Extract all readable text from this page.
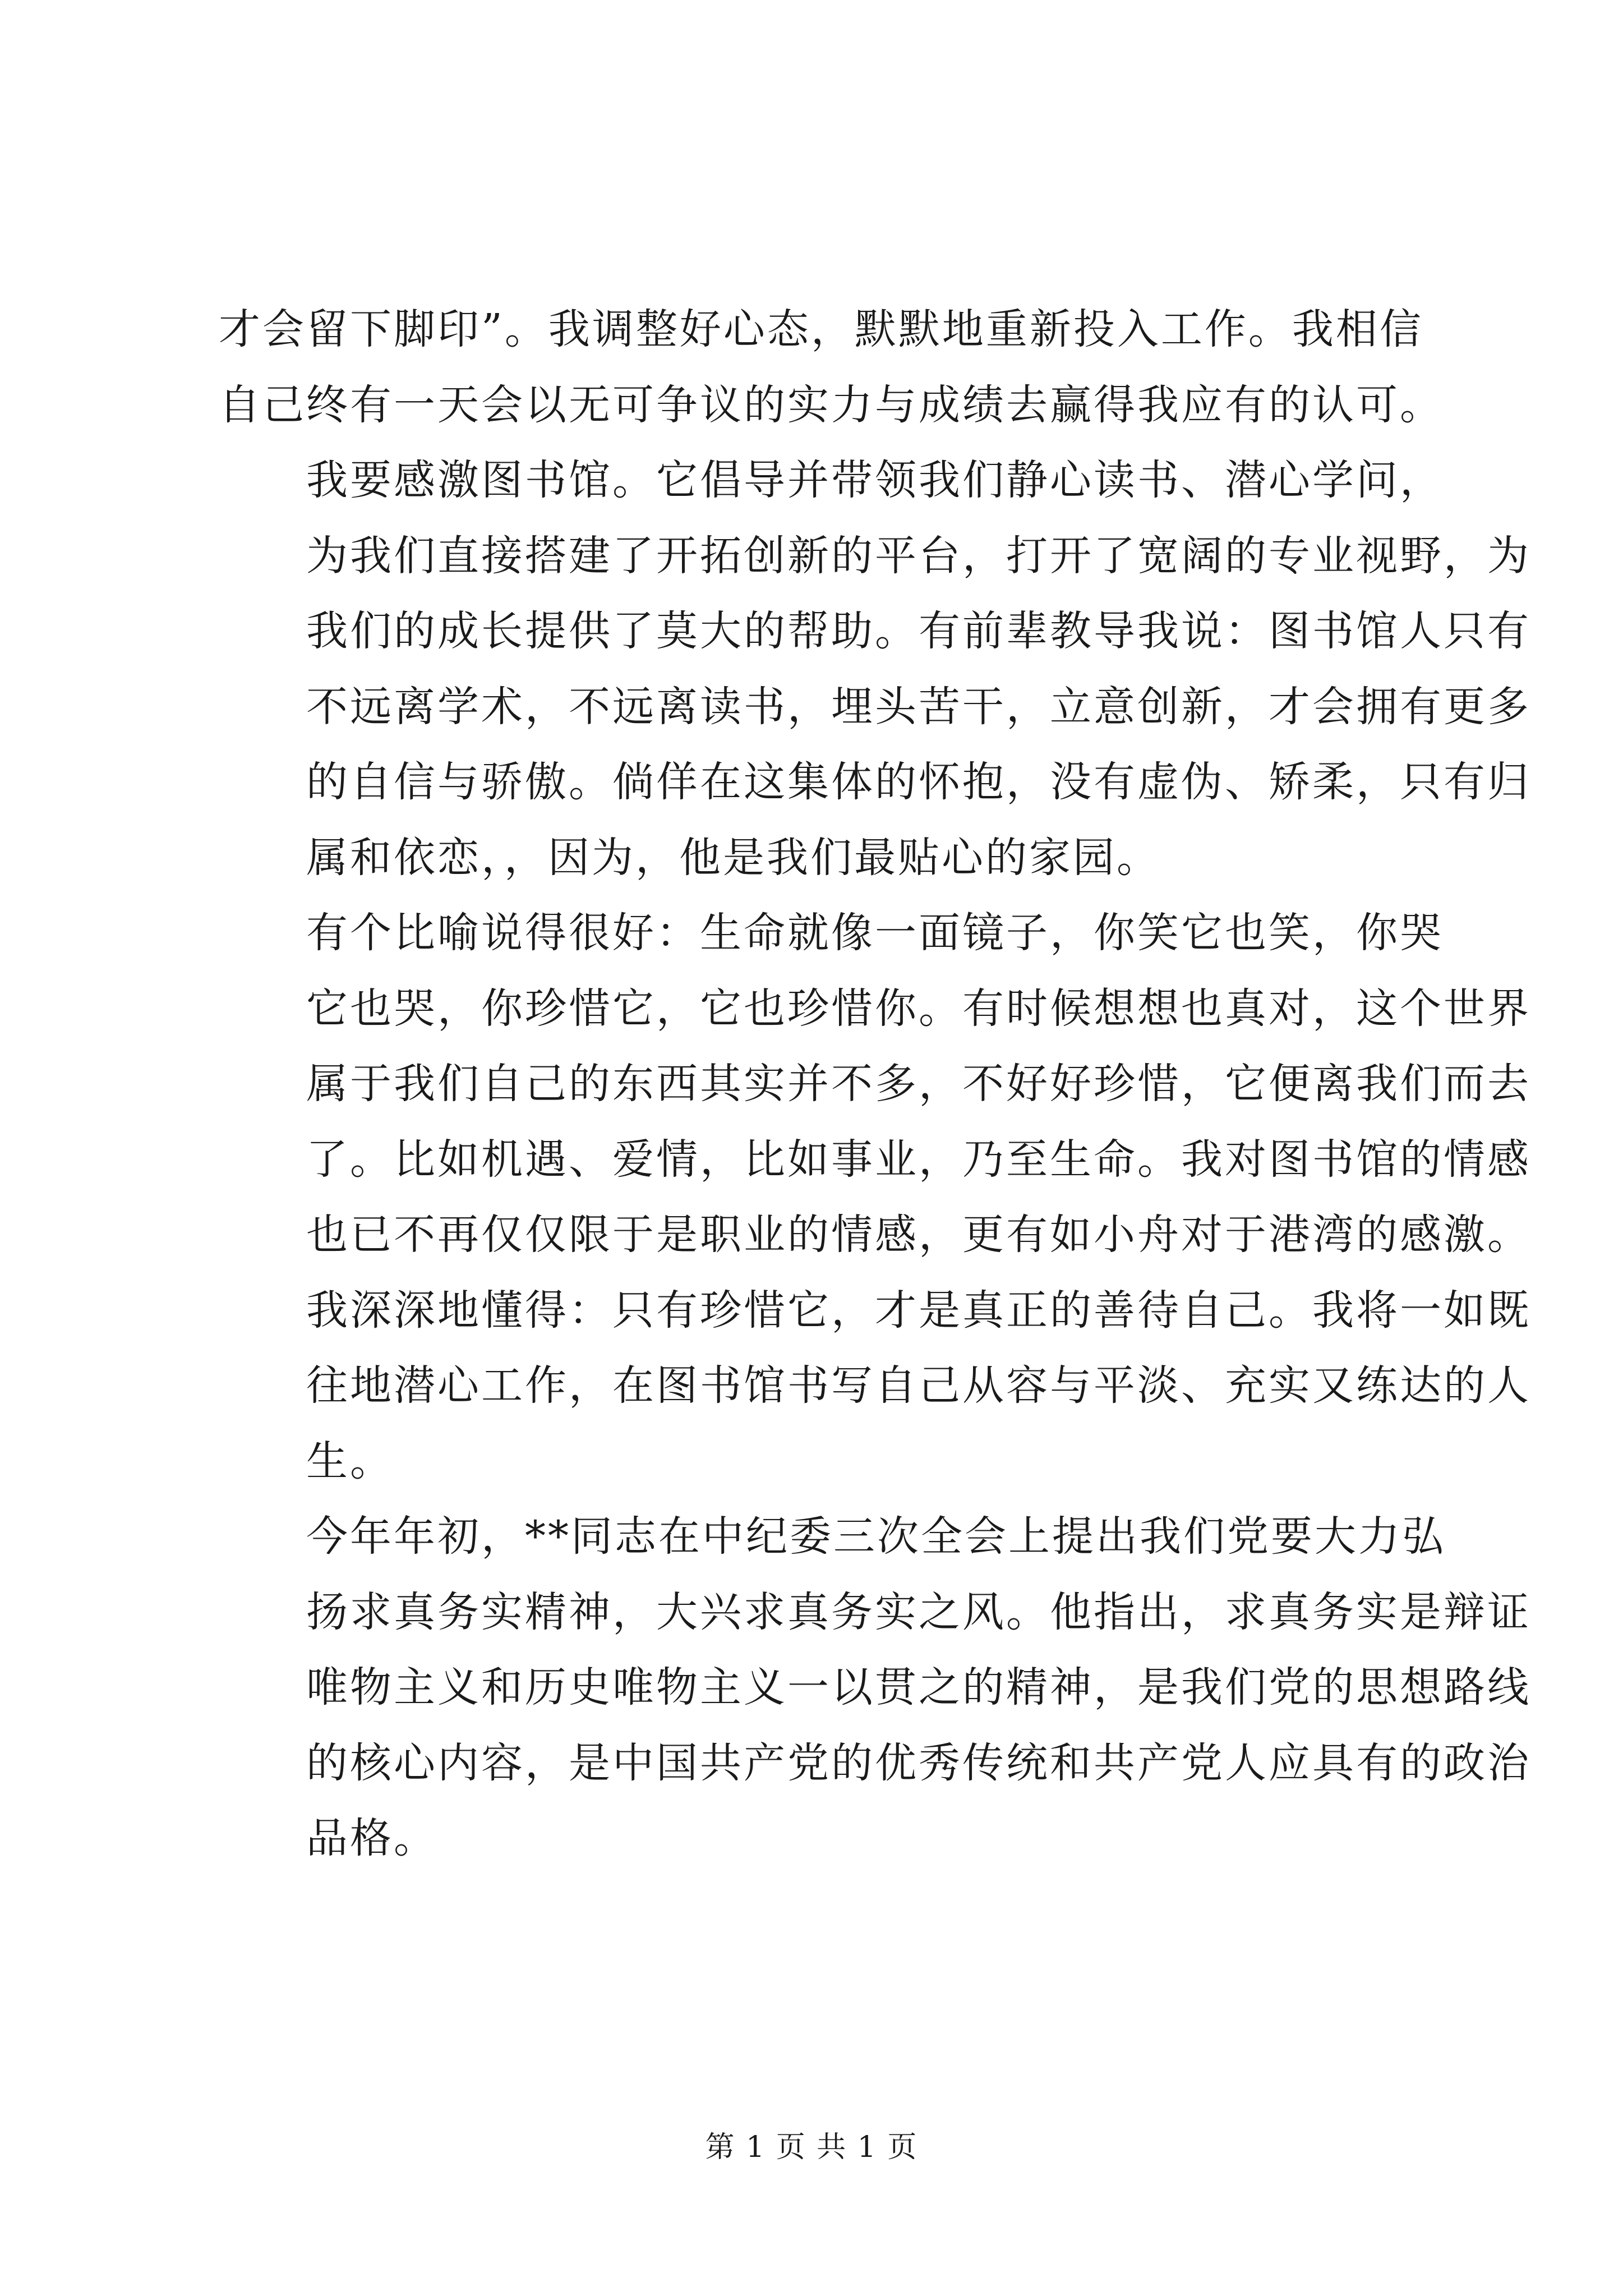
才会留下脚印”。我调整好心态，默默地重新投入工作。我相信
自己终有一天会以无可争议的实力与成绩去赢得我应有的认可。
我要感激图书馆。它倡导并带领我们静心读书、潜心学问，
为我们直接搭建了开拓创新的平台，打开了宽阔的专业视野，为
我们的成长提供了莫大的帮助。有前辈教导我说：图书馆人只有
不远离学术，不远离读书，埋头苦干，立意创新，才会拥有更多
的自信与骄傲。倘佯在这集体的怀抱，没有虚伪、矫柔，只有归
属和依恋，，因为，他是我们最贴心的家园。
有个比喻说得很好：生命就像一面镜子，你笑它也笑，你哭
它也哭，你珍惜它，它也珍惜你。有时候想想也真对，这个世界
属于我们自己的东西其实并不多，不好好珍惜，它便离我们而去
了。比如机遇、爱情，比如事业，乃至生命。我对图书馆的情感
也已不再仅仅限于是职业的情感，更有如小舟对于港湾的感激。
我深深地懂得：只有珍惜它，才是真正的善待自己。我将一如既
往地潜心工作，在图书馆书写自己从容与平淡、充实又练达的人
生。
今年年初，**同志在中纪委三次全会上提出我们党要大力弘
扬求真务实精神，大兴求真务实之风。他指出，求真务实是辩证
唯物主义和历史唯物主义一以贯之的精神，是我们党的思想路线
的核心内容，是中国共产党的优秀传统和共产党人应具有的政治
品格。
第 1 页 共 1 页
